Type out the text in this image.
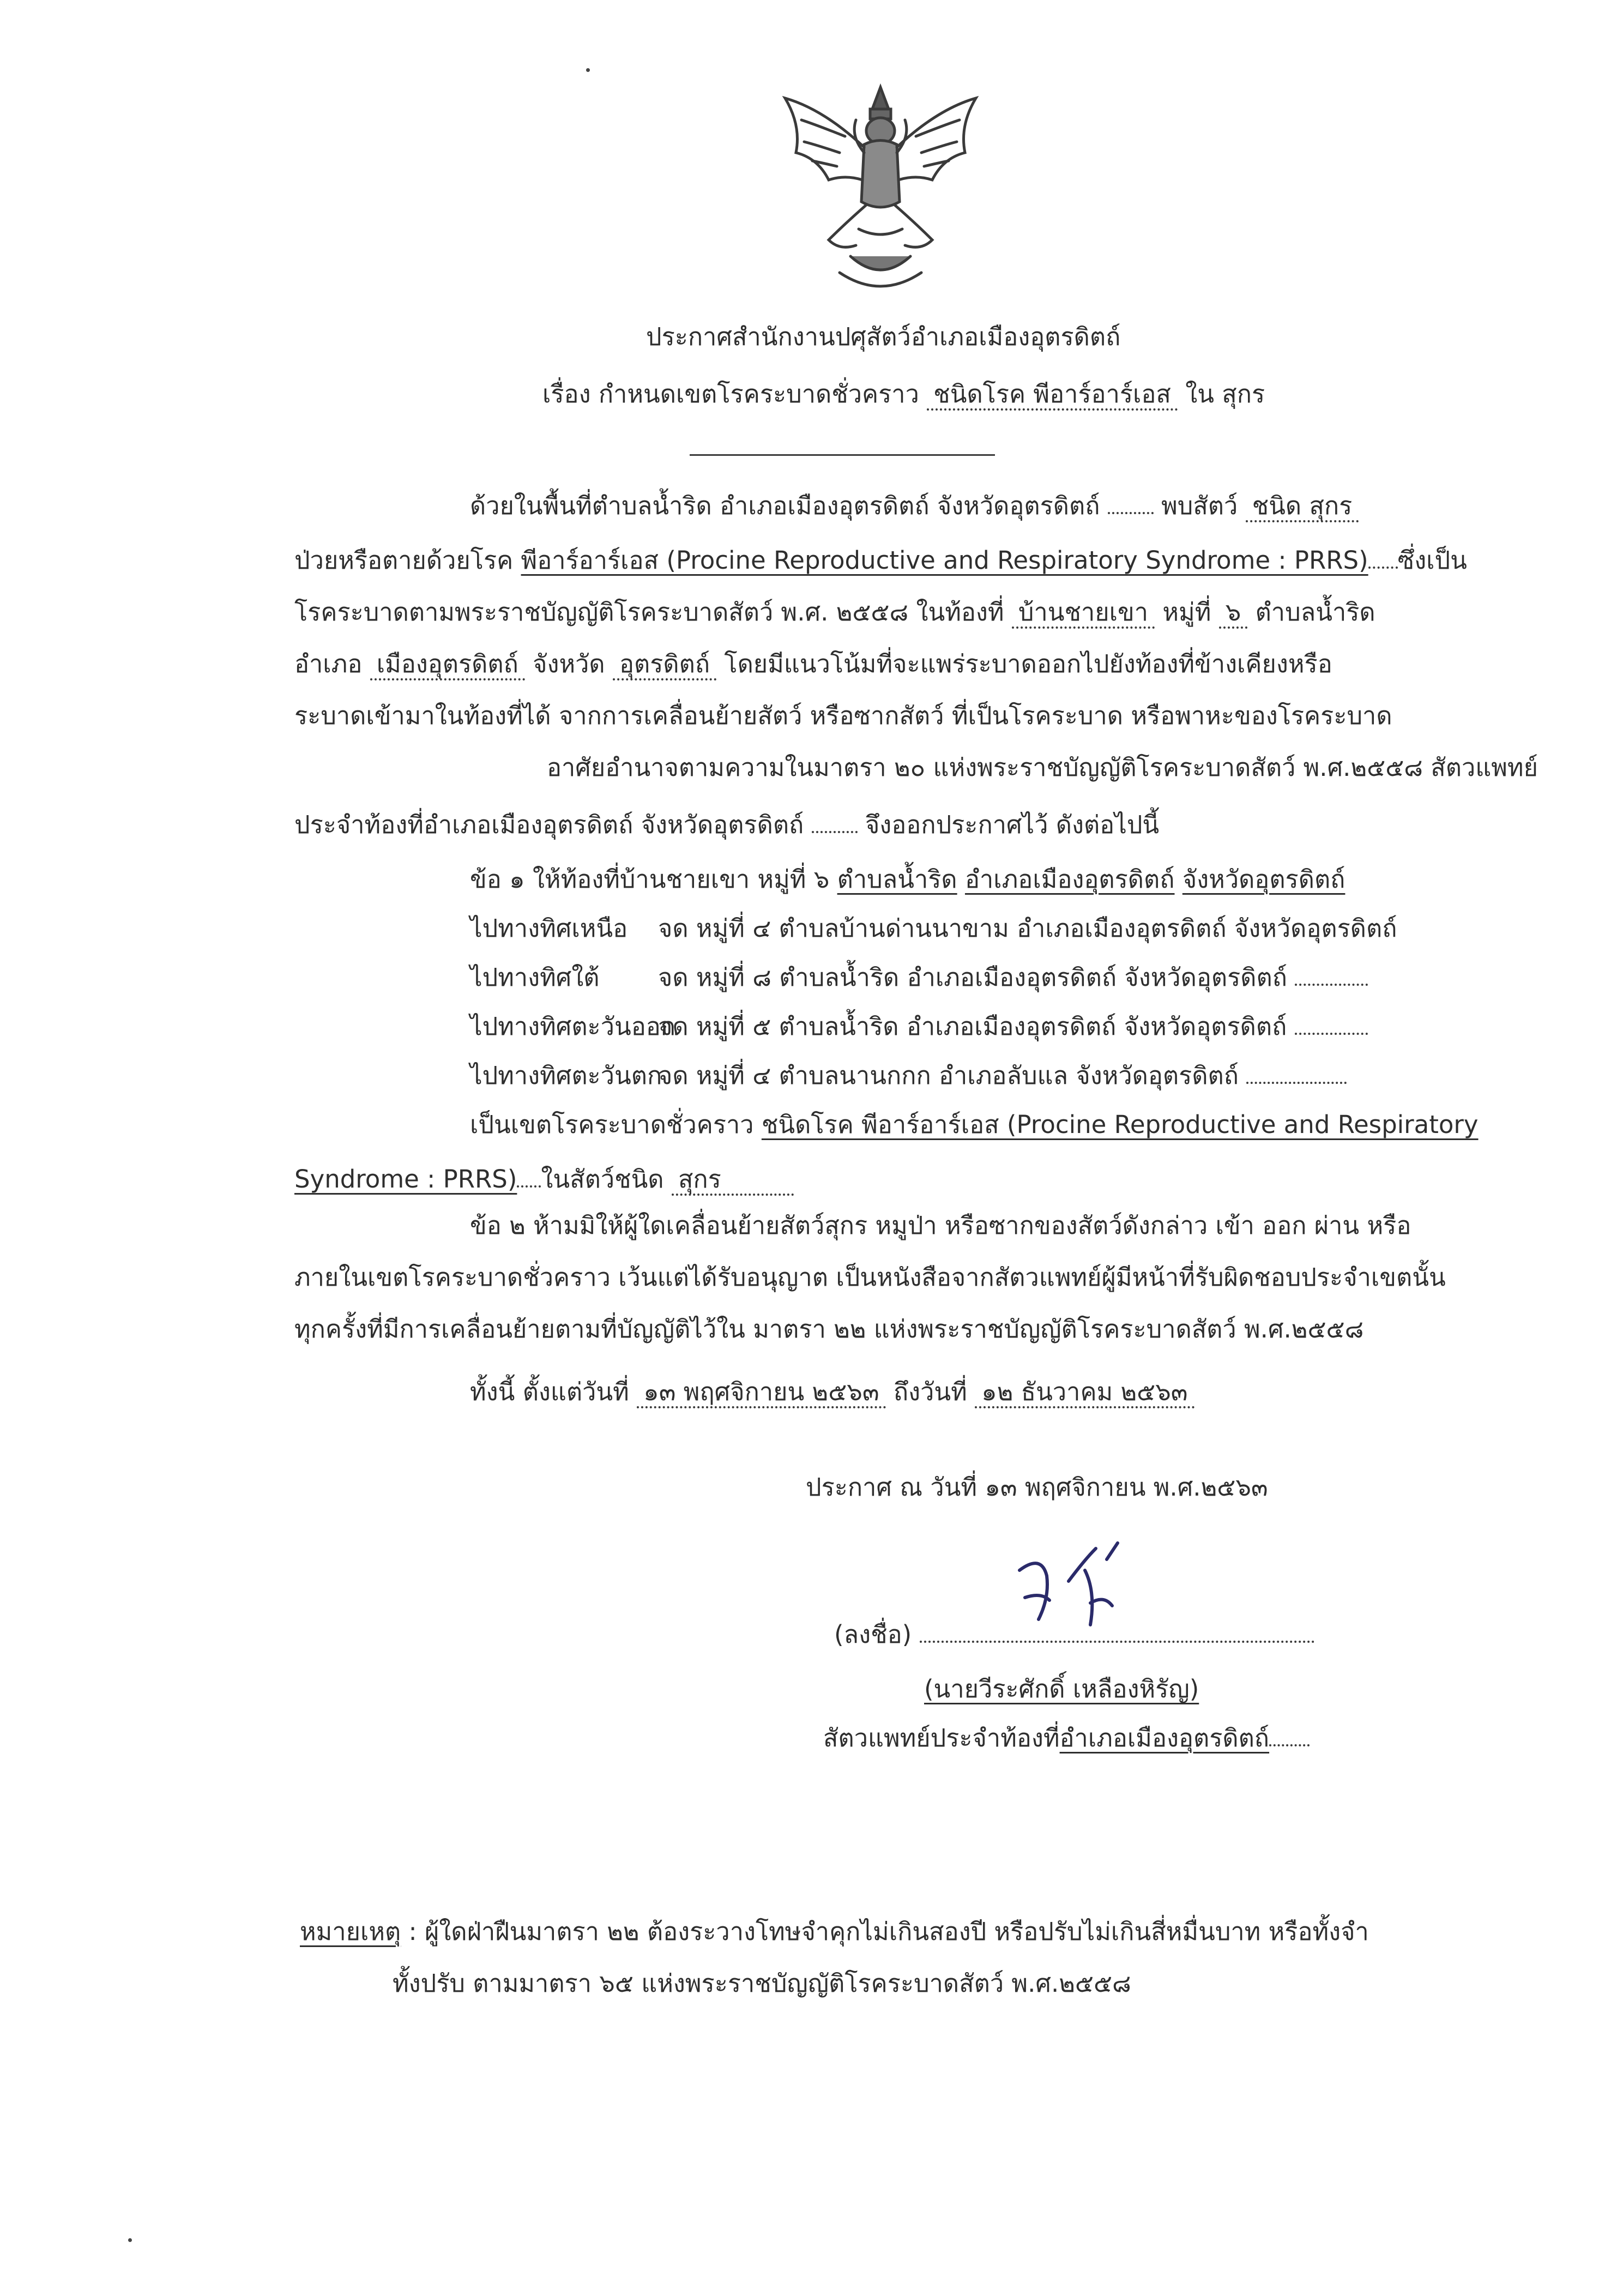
ประกาศสำนักงานปศุสัตว์อำเภอเมืองอุตรดิตถ์
เรื่อง กำหนดเขตโรคระบาดชั่วคราว ชนิดโรค พีอาร์อาร์เอส ใน สุกร
ด้วยในพื้นที่ตำบลน้ำริด อำเภอเมืองอุตรดิตถ์ จังหวัดอุตรดิตถ์	พบสัตว์ ชนิด สุกร
ป่วยหรือตายด้วยโรค พีอาร์อาร์เอส (Procine Reproductive and Respiratory Syndrome : PRRS) ซึ่งเป็น
โรคระบาดตามพระราชบัญญัติโรคระบาดสัตว์ พ.ศ. ๒๕๕๘ ในท้องที่ บ้านชายเขา หมู่ที่ ๖ ตำบลน้ำริด
อำเภอ เมืองอุตรดิตถ์ จังหวัด อุตรดิตถ์ โดยมีแนวโน้มที่จะแพร่ระบาดออกไปยังท้องที่ข้างเคียงหรือ
ระบาดเข้ามาในท้องที่ได้ จากการเคลื่อนย้ายสัตว์ หรือซากสัตว์ ที่เป็นโรคระบาด หรือพาหะของโรคระบาด
อาศัยอำนาจตามความในมาตรา ๒๐ แห่งพระราชบัญญัติโรคระบาดสัตว์ พ.ศ.๒๕๕๘ สัตวแพทย์
ประจำท้องที่อำเภอเมืองอุตรดิตถ์ จังหวัดอุตรดิตถ์	จึงออกประกาศไว้ ดังต่อไปนี้
ข้อ ๑ ให้ท้องที่บ้านชายเขา หมู่ที่ ๖ ตำบลน้ำริด อำเภอเมืองอุตรดิตถ์ จังหวัดอุตรดิตถ์
ไปทางทิศเหนือ จด หมู่ที่ ๔ ตำบลบ้านด่านนาขาม อำเภอเมืองอุตรดิตถ์ จังหวัดอุตรดิตถ์
ไปทางทิศใต้ จด หมู่ที่ ๘ ตำบลน้ำริด อำเภอเมืองอุตรดิตถ์ จังหวัดอุตรดิตถ์
ไปทางทิศตะวันออกจด หมู่ที่ ๕ ตำบลน้ำริด อำเภอเมืองอุตรดิตถ์ จังหวัดอุตรดิตถ์
ไปทางทิศตะวันตกจด หมู่ที่ ๔ ตำบลนานกกก อำเภอลับแล จังหวัดอุตรดิตถ์
เป็นเขตโรคระบาดชั่วคราว ชนิดโรค พีอาร์อาร์เอส (Procine Reproductive and Respiratory
Syndrome : PRRS) ในสัตว์ชนิด สุกร
ข้อ ๒ ห้ามมิให้ผู้ใดเคลื่อนย้ายสัตว์สุกร หมูป่า หรือซากของสัตว์ดังกล่าว เข้า ออก ผ่าน หรือ
ภายในเขตโรคระบาดชั่วคราว เว้นแต่ได้รับอนุญาต เป็นหนังสือจากสัตวแพทย์ผู้มีหน้าที่รับผิดชอบประจำเขตนั้น
ทุกครั้งที่มีการเคลื่อนย้ายตามที่บัญญัติไว้ใน มาตรา ๒๒ แห่งพระราชบัญญัติโรคระบาดสัตว์ พ.ศ.๒๕๕๘
ทั้งนี้ ตั้งแต่วันที่ ๑๓ พฤศจิกายน ๒๕๖๓ ถึงวันที่ ๑๒ ธันวาคม ๒๕๖๓
ประกาศ ณ วันที่ ๑๓ พฤศจิกายน พ.ศ.๒๕๖๓
(ลงชื่อ)
(นายวีระศักดิ์ เหลืองหิรัญ)
สัตวแพทย์ประจำท้องที่อำเภอเมืองอุตรดิตถ์
หมายเหตุ : ผู้ใดฝ่าฝืนมาตรา ๒๒ ต้องระวางโทษจำคุกไม่เกินสองปี หรือปรับไม่เกินสี่หมื่นบาท หรือทั้งจำ
ทั้งปรับ ตามมาตรา ๖๕ แห่งพระราชบัญญัติโรคระบาดสัตว์ พ.ศ.๒๕๕๘
